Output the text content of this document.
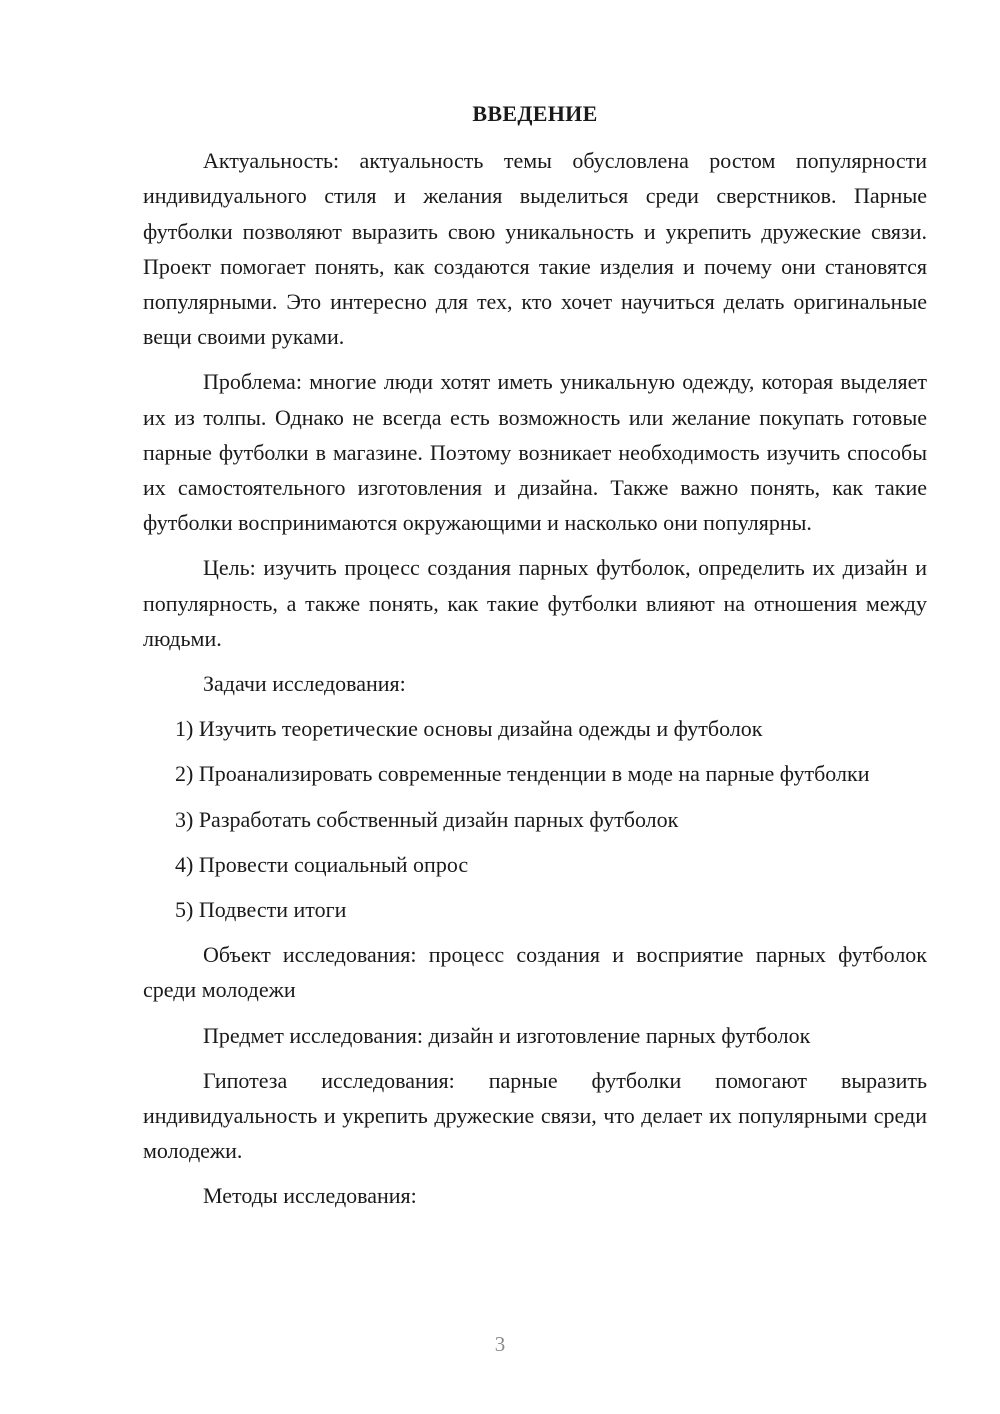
ВВЕДЕНИЕ

Актуальность: актуальность темы обусловлена ростом популярности индивидуального стиля и желания выделиться среди сверстников. Парные футболки позволяют выразить свою уникальность и укрепить дружеские связи. Проект помогает понять, как создаются такие изделия и почему они становятся популярными. Это интересно для тех, кто хочет научиться делать оригинальные вещи своими руками.

Проблема: многие люди хотят иметь уникальную одежду, которая выделяет их из толпы. Однако не всегда есть возможность или желание покупать готовые парные футболки в магазине. Поэтому возникает необходимость изучить способы их самостоятельного изготовления и дизайна. Также важно понять, как такие футболки воспринимаются окружающими и насколько они популярны.

Цель: изучить процесс создания парных футболок, определить их дизайн и популярность, а также понять, как такие футболки влияют на отношения между людьми.

Задачи исследования:

1) Изучить теоретические основы дизайна одежды и футболок

2) Проанализировать современные тенденции в моде на парные футболки

3) Разработать собственный дизайн парных футболок

4) Провести социальный опрос

5) Подвести итоги

Объект исследования: процесс создания и восприятие парных футболок среди молодежи

Предмет исследования: дизайн и изготовление парных футболок

Гипотеза исследования: парные футболки помогают выразить индивидуальность и укрепить дружеские связи, что делает их популярными среди молодежи.

Методы исследования:

3
